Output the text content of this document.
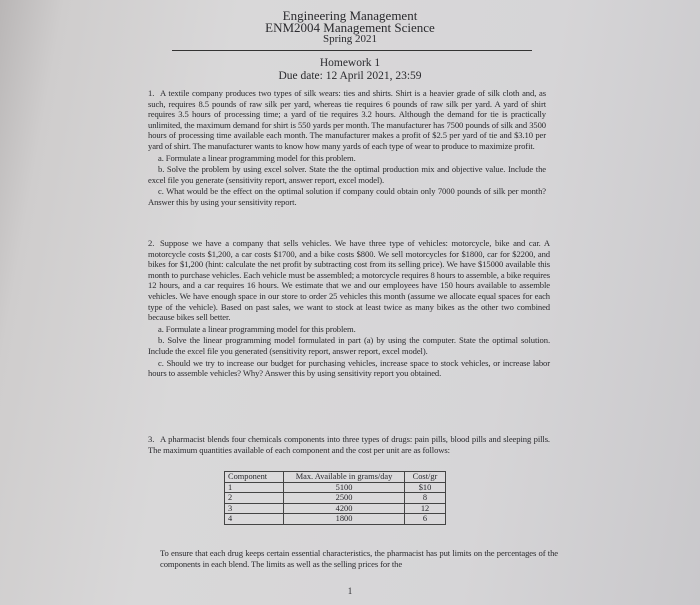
Engineering Management
ENM2004 Management Science
Spring 2021
Homework 1
Due date: 12 April 2021, 23:59
1. A textile company produces two types of silk wears: ties and shirts. Shirt is a heavier grade of silk cloth and, as such, requires 8.5 pounds of raw silk per yard, whereas tie requires 6 pounds of raw silk per yard. A yard of shirt requires 3.5 hours of processing time; a yard of tie requires 3.2 hours. Although the demand for tie is practically unlimited, the maximum demand for shirt is 550 yards per month. The manufacturer has 7500 pounds of silk and 3500 hours of processing time available each month. The manufacturer makes a profit of $2.5 per yard of tie and $3.10 per yard of shirt. The manufacturer wants to know how many yards of each type of wear to produce to maximize profit.
a. Formulate a linear programming model for this problem.
b. Solve the problem by using excel solver. State the the optimal production mix and objective value. Include the excel file you generate (sensitivity report, answer report, excel model).
c. What would be the effect on the optimal solution if company could obtain only 7000 pounds of silk per month? Answer this by using your sensitivity report.
2. Suppose we have a company that sells vehicles. We have three type of vehicles: motorcycle, bike and car. A motorcycle costs $1,200, a car costs $1700, and a bike costs $800. We sell motorcycles for $1800, car for $2200, and bikes for $1,200 (hint: calculate the net profit by subtracting cost from its selling price). We have $15000 available this month to purchase vehicles. Each vehicle must be assembled; a motorcycle requires 8 hours to assemble, a bike requires 12 hours, and a car requires 16 hours. We estimate that we and our employees have 150 hours available to assemble vehicles. We have enough space in our store to order 25 vehicles this month (assume we allocate equal spaces for each type of the vehicle). Based on past sales, we want to stock at least twice as many bikes as the other two combined because bikes sell better.
a. Formulate a linear programming model for this problem.
b. Solve the linear programming model formulated in part (a) by using the computer. State the optimal solution. Include the excel file you generated (sensitivity report, answer report, excel model).
c. Should we try to increase our budget for purchasing vehicles, increase space to stock vehicles, or increase labor hours to assemble vehicles? Why? Answer this by using sensitivity report you obtained.
3. A pharmacist blends four chemicals components into three types of drugs: pain pills, blood pills and sleeping pills. The maximum quantities available of each component and the cost per unit are as follows:
Component	Max. Available in grams/day	Cost/gr
1	5100	$10
2	2500	8
3	4200	12
4	1800	6
To ensure that each drug keeps certain essential characteristics, the pharmacist has put limits on the percentages of the components in each blend. The limits as well as the selling prices for the
1
